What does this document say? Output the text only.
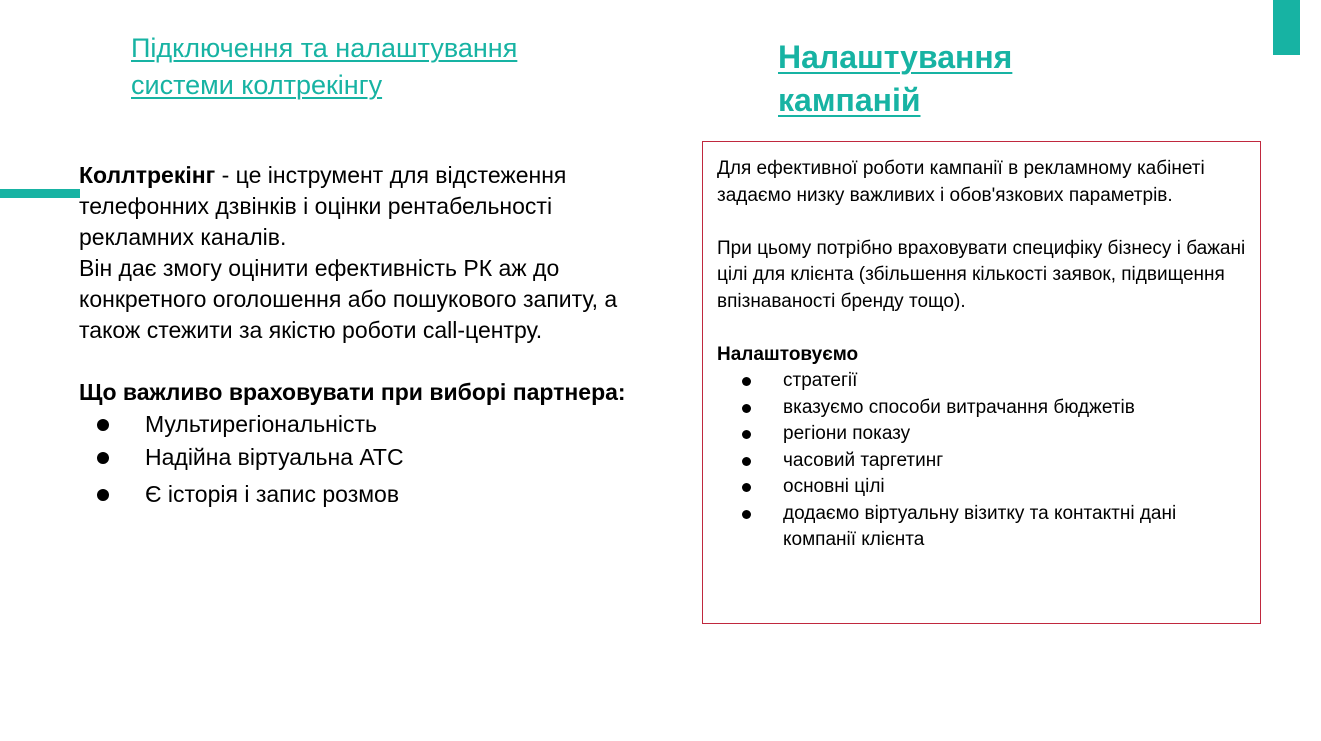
Підключення та налаштування системи колтрекінгу

Коллтрекінг - це інструмент для відстеження телефонних дзвінків і оцінки рентабельності рекламних каналів.

Він дає змогу оцінити ефективність РК аж до конкретного оголошення або пошукового запиту, а також стежити за якістю роботи call-центру.

Що важливо враховувати при виборі партнера:

Мультирегіональність
Надійна віртуальна АТС
Є історія і запис розмов
Налаштування кампаній

Для ефективної роботи кампанії в рекламному кабінеті задаємо низку важливих і обов'язкових параметрів.

При цьому потрібно враховувати специфіку бізнесу і бажані цілі для клієнта (збільшення кількості заявок, підвищення впізнаваності бренду тощо).

Налаштовуємо

стратегії
вказуємо способи витрачання бюджетів
регіони показу
часовий таргетинг
основні цілі
додаємо віртуальну візитку та контактні дані компанії клієнта
